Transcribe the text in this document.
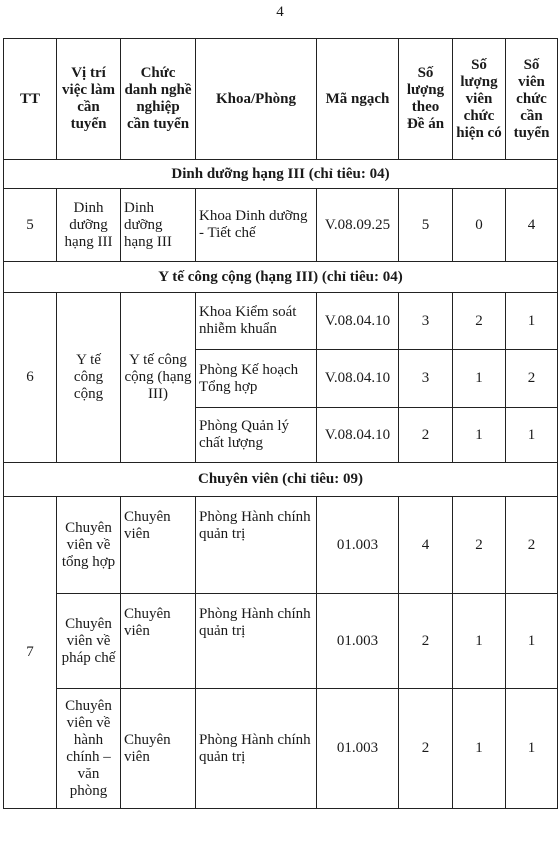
4
TT	Vị trí việc làm cần tuyển	Chức danh nghề nghiệp cần tuyển	Khoa/Phòng	Mã ngạch	Số lượng theo Đề án	Số lượng viên chức hiện có	Số viên chức cần tuyển
Dinh dưỡng hạng III (chỉ tiêu: 04)							
5	Dinh dưỡng hạng III	Dinh dưỡng hạng III	Khoa Dinh dưỡng - Tiết chế	V.08.09.25	5	0	4
Y tế công cộng (hạng III) (chỉ tiêu: 04)							
6	Y tế công cộng	Y tế công cộng (hạng III)	Khoa Kiểm soát nhiễm khuẩn	V.08.04.10	3	2	1
			Phòng Kế hoạch Tổng hợp	V.08.04.10	3	1	2
			Phòng Quản lý chất lượng	V.08.04.10	2	1	1
Chuyên viên (chỉ tiêu: 09)							
7	Chuyên viên về tổng hợp	Chuyên viên	Phòng Hành chính quản trị	01.003	4	2	2
	Chuyên viên về pháp chế	Chuyên viên	Phòng Hành chính quản trị	01.003	2	1	1
	Chuyên viên về hành chính – văn phòng	Chuyên viên	Phòng Hành chính quản trị	01.003	2	1	1
